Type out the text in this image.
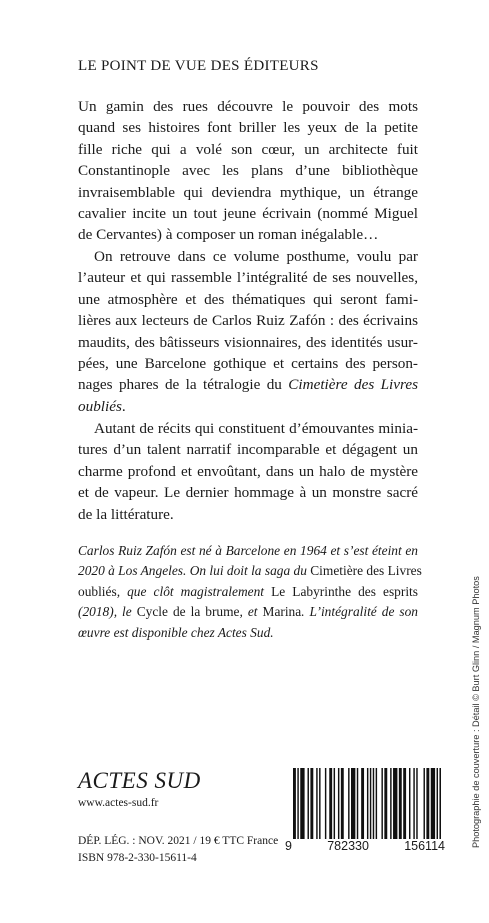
LE POINT DE VUE DES ÉDITEURS
Un gamin des rues découvre le pouvoir des mots
quand ses histoires font briller les yeux de la petite
fille riche qui a volé son cœur, un architecte fuit
Constantinople avec les plans d’une bibliothèque
invraisemblable qui deviendra mythique, un étrange
cavalier incite un tout jeune écrivain (nommé Miguel
de Cervantes) à composer un roman inégalable…
On retrouve dans ce volume posthume, voulu par
l’auteur et qui rassemble l’intégralité de ses nouvelles,
une atmosphère et des thématiques qui seront fami-
lières aux lecteurs de Carlos Ruiz Zafón : des écrivains
maudits, des bâtisseurs visionnaires, des identités usur-
pées, une Barcelone gothique et certains des person-
nages phares de la tétralogie du Cimetière des Livres
oubliés.
Autant de récits qui constituent d’émouvantes minia-
tures d’un talent narratif incomparable et dégagent un
charme profond et envoûtant, dans un halo de mystère
et de vapeur. Le dernier hommage à un monstre sacré
de la littérature.
Carlos Ruiz Zafón est né à Barcelone en 1964 et s’est éteint en
2020 à Los Angeles. On lui doit la saga du Cimetière des Livres
oubliés, que clôt magistralement Le Labyrinthe des esprits
(2018), le Cycle de la brume, et Marina. L’intégralité de son
œuvre est disponible chez Actes Sud.
ACTES SUD
www.actes-sud.fr
DÉP. LÉG. : NOV. 2021 / 19 € TTC France
ISBN 978-2-330-15611-4
9	782330	156114	Photographie de couverture : Détail © Burt Glinn / Magnum Photos
